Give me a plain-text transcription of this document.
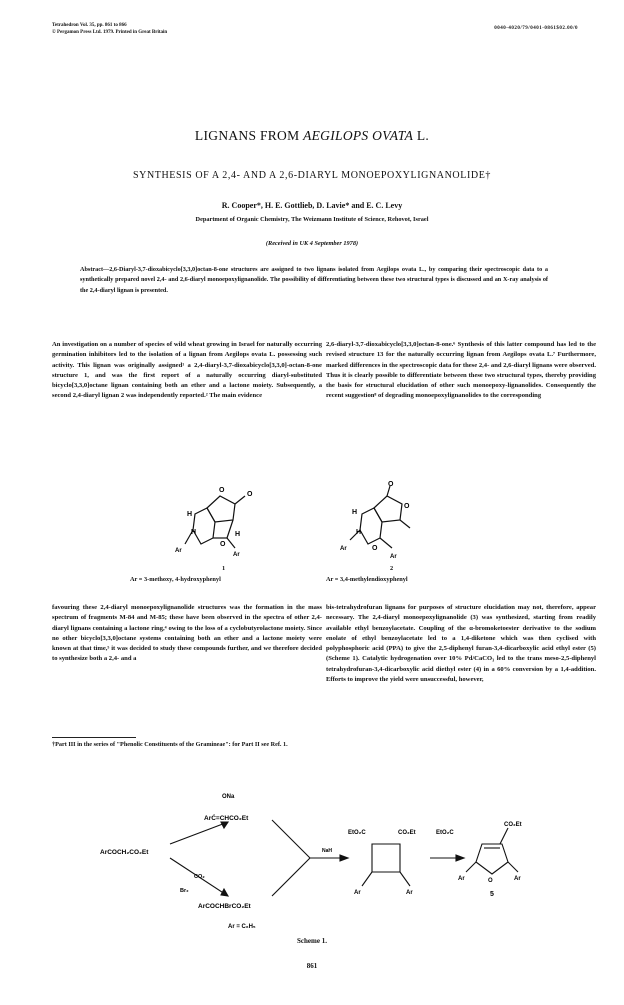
Tetrahedron Vol. 35, pp. 861 to 866
© Pergamon Press Ltd. 1979. Printed in Great Britain
0040-4020/79/0401-0861$02.00/0
LIGNANS FROM AEGILOPS OVATA L.
SYNTHESIS OF A 2,4- AND A 2,6-DIARYL MONOEPOXYLIGNANOLIDE†
R. Cooper*, H. E. Gottlieb, D. Lavie* and E. C. Levy
Department of Organic Chemistry, The Weizmann Institute of Science, Rehovot, Israel
(Received in UK 4 September 1978)
Abstract—2,6-Diaryl-3,7-dioxabicyclo[3,3,0]octan-8-one structures are assigned to two lignans isolated from Aegilops ovata L., by comparing their spectroscopic data to a synthetically prepared novel 2,4- and 2,6-diaryl monoepoxylignanolide. The possibility of differentiating between these two structural types is discussed and an X-ray analysis of the 2,4-diaryl lignan is presented.
An investigation on a number of species of wild wheat growing in Israel for naturally occurring germination inhibitors led to the isolation of a lignan from Aegilops ovata L. possessing such activity. This lignan was originally assigned¹ a 2,4-diaryl-3,7-dioxabicyclo[3,3,0]-octan-8-one structure 1, and was the first report of a naturally occurring diaryl-substituted bicyclo[3,3,0]octane lignan containing both an ether and a lactone moiety. Subsequently, a second 2,4-diaryl lignan 2 was independently reported.² The main evidence
2,6-diaryl-3,7-dioxabicyclo[3,3,0]octan-8-one.⁶ Synthesis of this latter compound has led to the revised structure 13 for the naturally occurring lignan from Aegilops ovata L.⁷ Furthermore, marked differences in the spectroscopic data for these 2,4- and 2,6-diaryl lignans were observed. Thus it is clearly possible to differentiate between these two structural types, thereby providing the basis for structural elucidation of other such monoepoxy-lignanolides. Consequently the recent suggestion⁸ of degrading monoepoxylignanolides to the corresponding
O
O
H
H
O
H
Ar
Ar
1
Ar = 3-methoxy, 4-hydroxyphenyl
O
O
H
H
O
Ar
Ar
2
Ar = 3,4-methylendioxyphenyl
favouring these 2,4-diaryl monoepoxylignanolide structures was the formation in the mass spectrum of fragments M-84 and M-85; these have been observed in the spectra of other 2,4-diaryl lignans containing a lactone ring,⁴ owing to the loss of a cyclobutyrolactone moiety. Since no other bicyclo[3,3,0]octane systems containing both an ether and a lactone moiety were known at that time,⁵ it was decided to study these compounds further, and we therefore decided to synthesize both a 2,4- and a
bis-tetrahydrofuran lignans for purposes of structure elucidation may not, therefore, appear necessary. The 2,4-diaryl monoepoxylignanolide (3) was synthesized, starting from readily available ethyl benzoylacetate. Coupling of the α-bromoketoester derivative to the sodium enolate of ethyl benzoylacetate led to a 1,4-diketone which was then cyclised with polyphosphoric acid (PPA) to give the 2,5-diphenyl furan-3,4-dicarboxylic acid ethyl ester (5) (Scheme 1). Catalytic hydrogenation over 10% Pd/CaCO₃ led to the trans meso-2,5-diphenyl tetrahydrofuran-3,4-dicarboxylic acid diethyl ester (4) in a 60% conversion by a 1,4-addition. Efforts to improve the yield were unsuccessful, however,
†Part III in the series of "Phenolic Constituents of the Gramineae": for Part II see Ref. 1.
ONa
ArĆ=CHCO₂Et
ArCOCH₂CO₂Et
CO₂
Br₂
ArCOCHBrCO₂Et
NaH
EtO₂C	CO₂Et	EtO₂C
CO₂Et
Ar	Ar
O
Ar	Ar
5
Ar = C₆H₅
Scheme 1.
861
